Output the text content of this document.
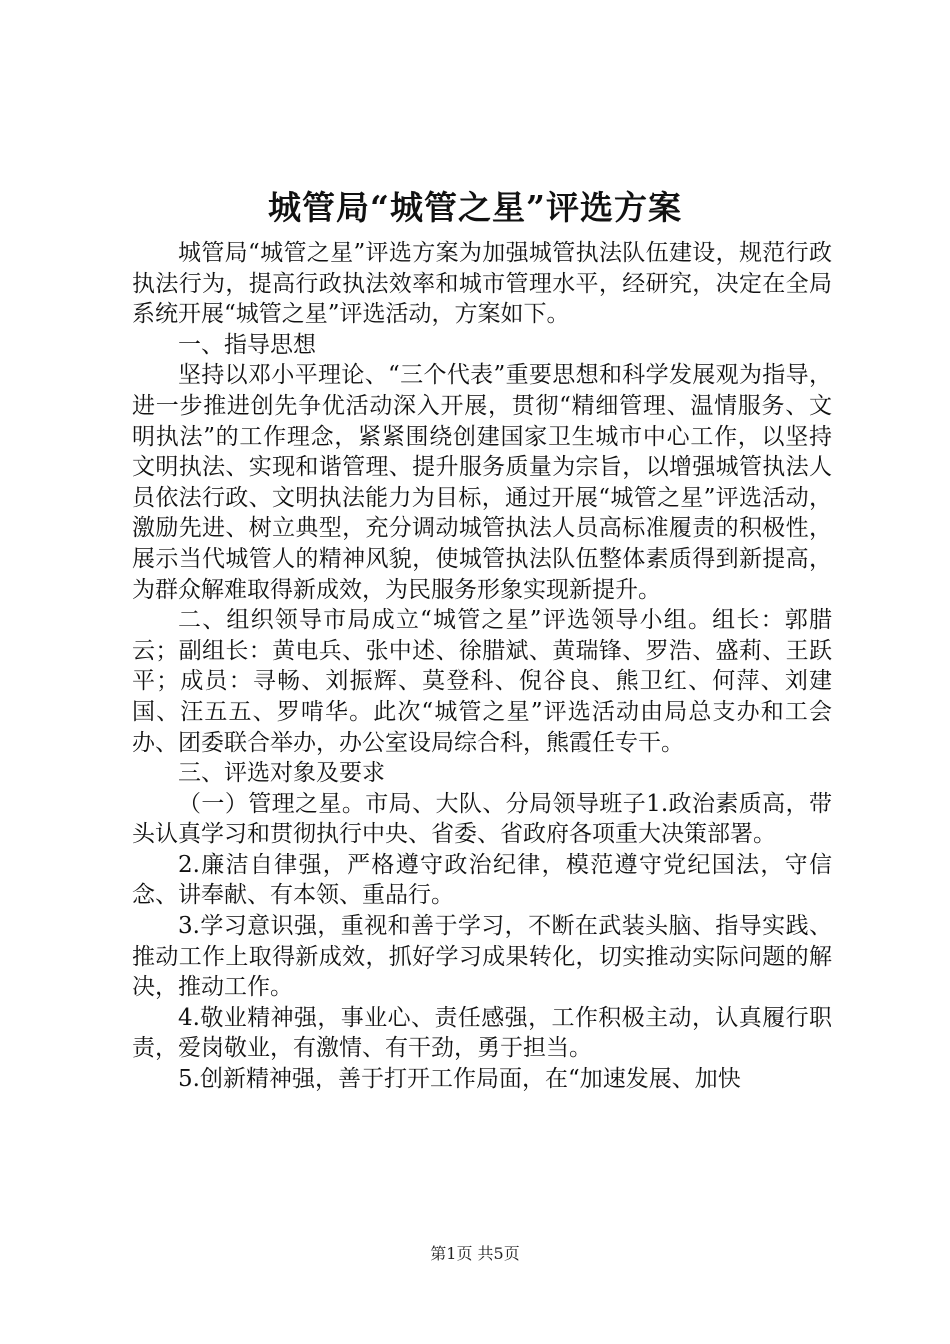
城管局“城管之星”评选方案

城管局“城管之星”评选方案为加强城管执法队伍建设，规范行政执法行为，提高行政执法效率和城市管理水平，经研究，决定在全局系统开展“城管之星”评选活动，方案如下。

一、指导思想

坚持以邓小平理论、“三个代表”重要思想和科学发展观为指导，进一步推进创先争优活动深入开展，贯彻“精细管理、温情服务、文明执法”的工作理念，紧紧围绕创建国家卫生城市中心工作，以坚持文明执法、实现和谐管理、提升服务质量为宗旨，以增强城管执法人员依法行政、文明执法能力为目标，通过开展“城管之星”评选活动，激励先进、树立典型，充分调动城管执法人员高标准履责的积极性，展示当代城管人的精神风貌，使城管执法队伍整体素质得到新提高，为群众解难取得新成效，为民服务形象实现新提升。

二、组织领导市局成立“城管之星”评选领导小组。组长：郭腊云；副组长：黄电兵、张中述、徐腊斌、黄瑞锋、罗浩、盛莉、王跃平；成员：寻畅、刘振辉、莫登科、倪谷良、熊卫红、何萍、刘建国、汪五五、罗啃华。此次“城管之星”评选活动由局总支办和工会办、团委联合举办，办公室设局综合科，熊霞任专干。

三、评选对象及要求

（一）管理之星。市局、大队、分局领导班子1.政治素质高，带头认真学习和贯彻执行中央、省委、省政府各项重大决策部署。

2.廉洁自律强，严格遵守政治纪律，模范遵守党纪国法，守信念、讲奉献、有本领、重品行。

3.学习意识强，重视和善于学习，不断在武装头脑、指导实践、推动工作上取得新成效，抓好学习成果转化，切实推动实际问题的解决，推动工作。

4.敬业精神强，事业心、责任感强，工作积极主动，认真履行职责，爱岗敬业，有激情、有干劲，勇于担当。

5.创新精神强，善于打开工作局面，在“加速发展、加快

第1页 共5页
